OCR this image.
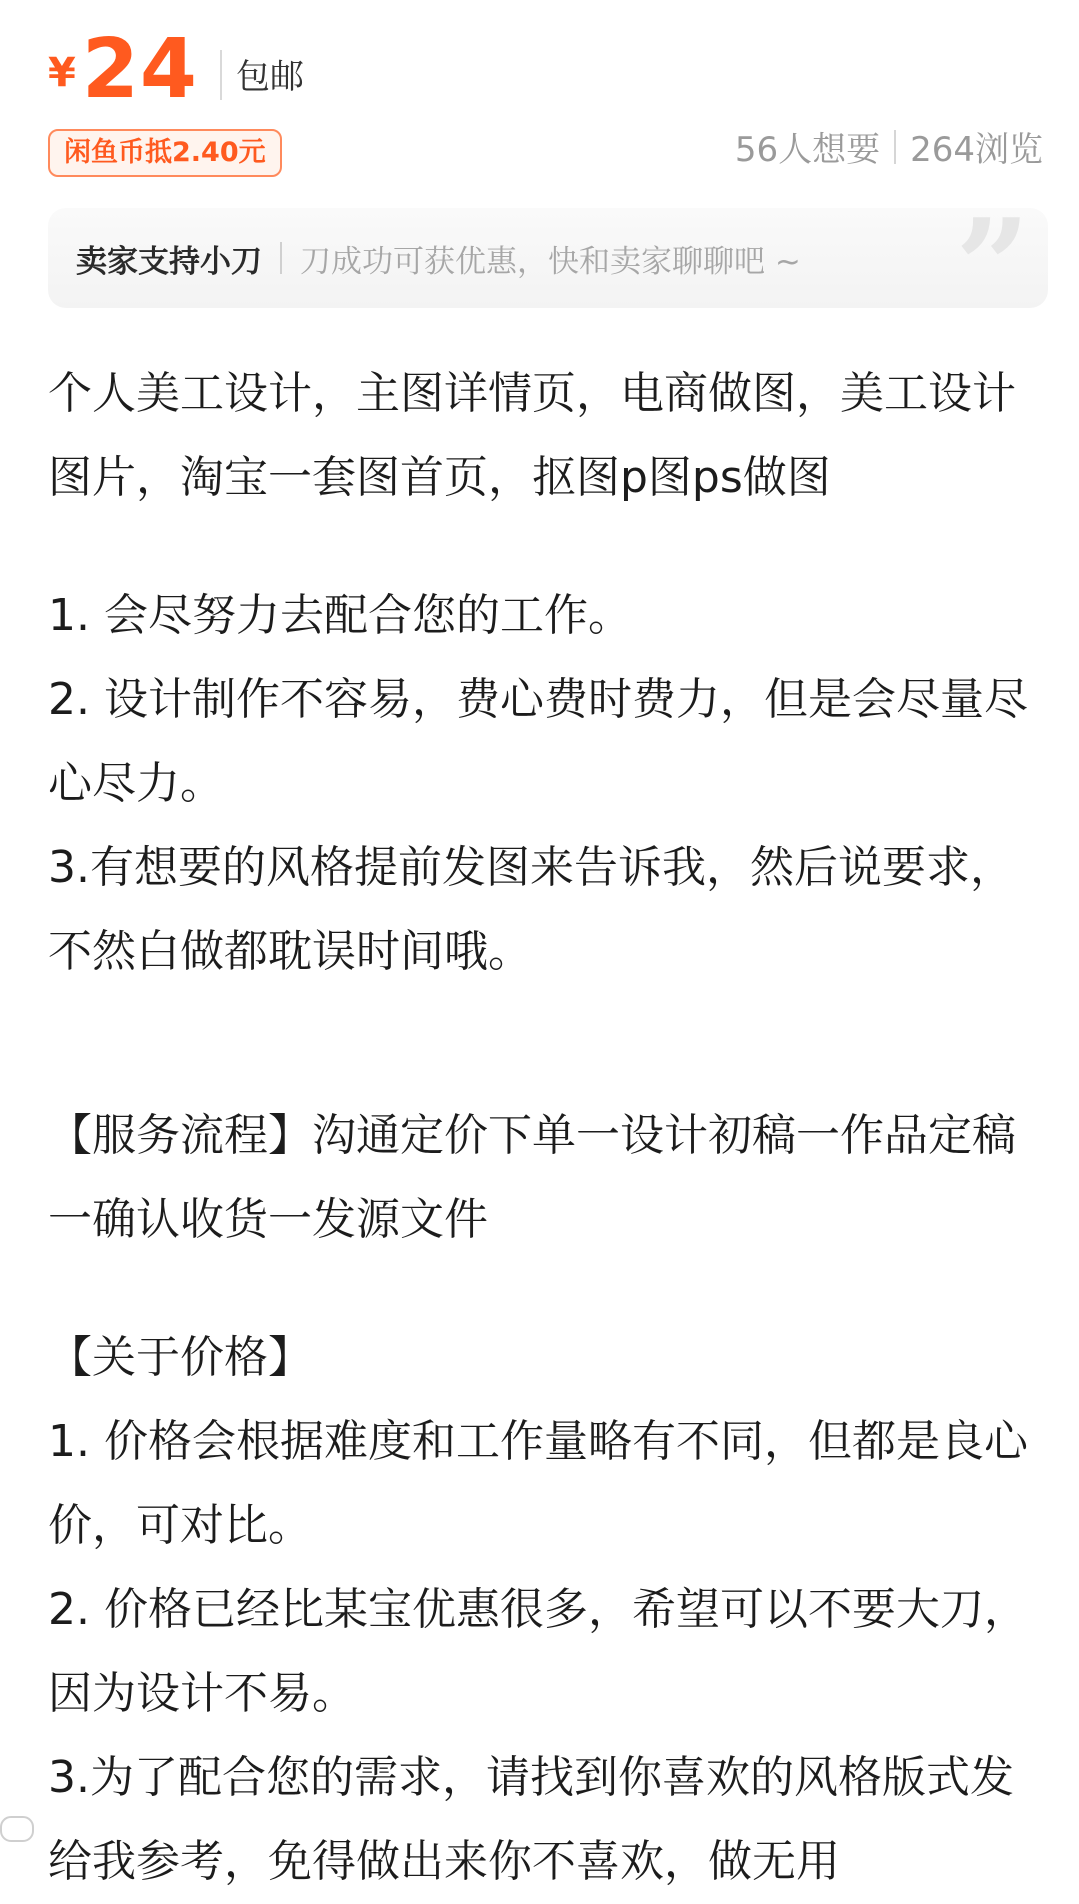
¥ 24 包邮
闲鱼币抵2.40元	56人想要 264浏览
卖家支持小刀 刀成功可获优惠，快和卖家聊聊吧 ~ ”

个人美工设计，主图详情页，电商做图，美工设计图片，淘宝一套图首页，抠图p图ps做图

1. 会尽努力去配合您的工作。

2. 设计制作不容易，费心费时费力，但是会尽量尽心尽力。

3.有想要的风格提前发图来告诉我，然后说要求，不然白做都耽误时间哦。

【服务流程】沟通定价下单一设计初稿一作品定稿一确认收货一发源文件

【关于价格】

1. 价格会根据难度和工作量略有不同，但都是良心价，可对比。

2. 价格已经比某宝优惠很多，希望可以不要大刀，因为设计不易。

3.为了配合您的需求，请找到你喜欢的风格版式发给我参考，免得做出来你不喜欢，做无用
